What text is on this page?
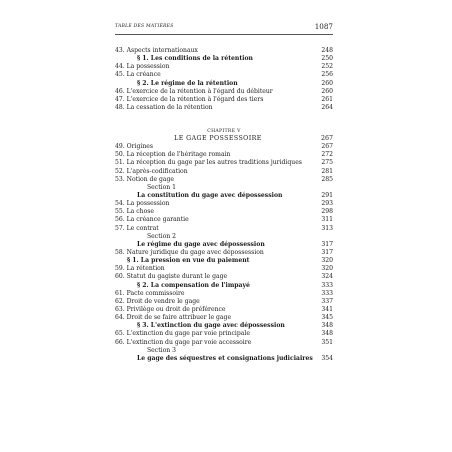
TABLE DES MATIÈRES	1087
43. Aspects internationaux	248
§ 1. Les conditions de la rétention	250
44. La possession	252
45. La créance	256
§ 2. Le régime de la rétention	260
46. L'exercice de la rétention à l'égard du débiteur	260
47. L'exercice de la rétention à l'égard des tiers	261
48. La cessation de la rétention	264
CHAPITRE V
LE GAGE POSSESSOIRE	267
49. Origines	267
50. La réception de l'héritage romain	272
51. La réception du gage par les autres traditions juridiques	275
52. L'après-codification	281
53. Notion de gage	285
Section 1
La constitution du gage avec dépossession	291
54. La possession	293
55. La chose	298
56. La créance garantie	311
57. Le contrat	313
Section 2
Le régime du gage avec dépossession	317
58. Nature juridique du gage avec dépossession	317
§ 1. La pression en vue du paiement	320
59. La rétention	320
60. Statut du gagiste durant le gage	324
§ 2. La compensation de l'impayé	333
61. Pacte commissoire	333
62. Droit de vendre le gage	337
63. Privilège ou droit de préférence	341
64. Droit de se faire attribuer le gage	345
§ 3. L'extinction du gage avec dépossession	348
65. L'extinction du gage par voie principale	348
66. L'extinction du gage par voie accessoire	351
Section 3
Le gage des séquestres et consignations judiciaires 354
